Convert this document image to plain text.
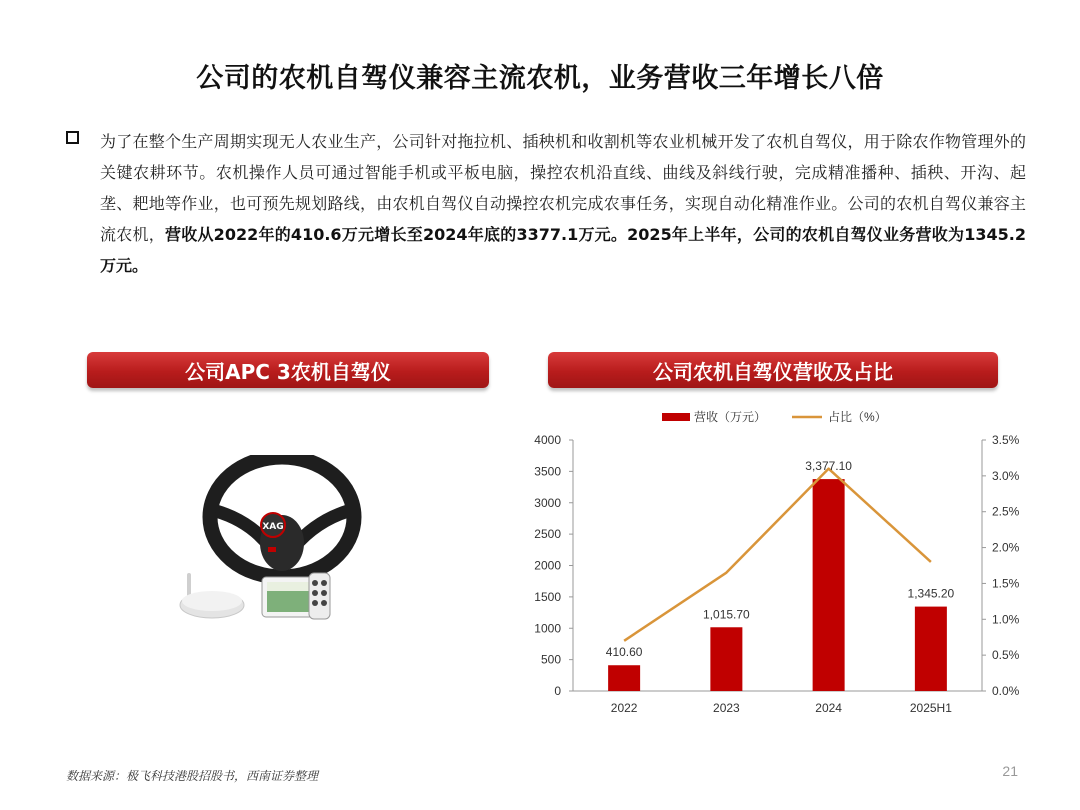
公司的农机自驾仪兼容主流农机，业务营收三年增长八倍
为了在整个生产周期实现无人农业生产，公司针对拖拉机、插秧机和收割机等农业机械开发了农机自驾仪，用于除农作物管理外的关键农耕环节。农机操作人员可通过智能手机或平板电脑，操控农机沿直线、曲线及斜线行驶，完成精准播种、插秧、开沟、起垄、耙地等作业，也可预先规划路线，由农机自驾仪自动操控农机完成农事任务，实现自动化精准作业。公司的农机自驾仪兼容主流农机，营收从2022年的410.6万元增长至2024年底的3377.1万元。2025年上半年，公司的农机自驾仪业务营收为1345.2万元。
公司APC 3农机自驾仪	公司农机自驾仪营收及占比
XAG
营收（万元）	占比（%）
0
500
1000
1500
2000
2500
3000
3500
4000
0.0%
0.5%
1.0%
1.5%
2.0%
2.5%
3.0%
3.5%
2022	2023	2024	2025H1
410.60
1,015.70
3,377.10
1,345.20
数据来源：极飞科技港股招股书，西南证券整理	21
